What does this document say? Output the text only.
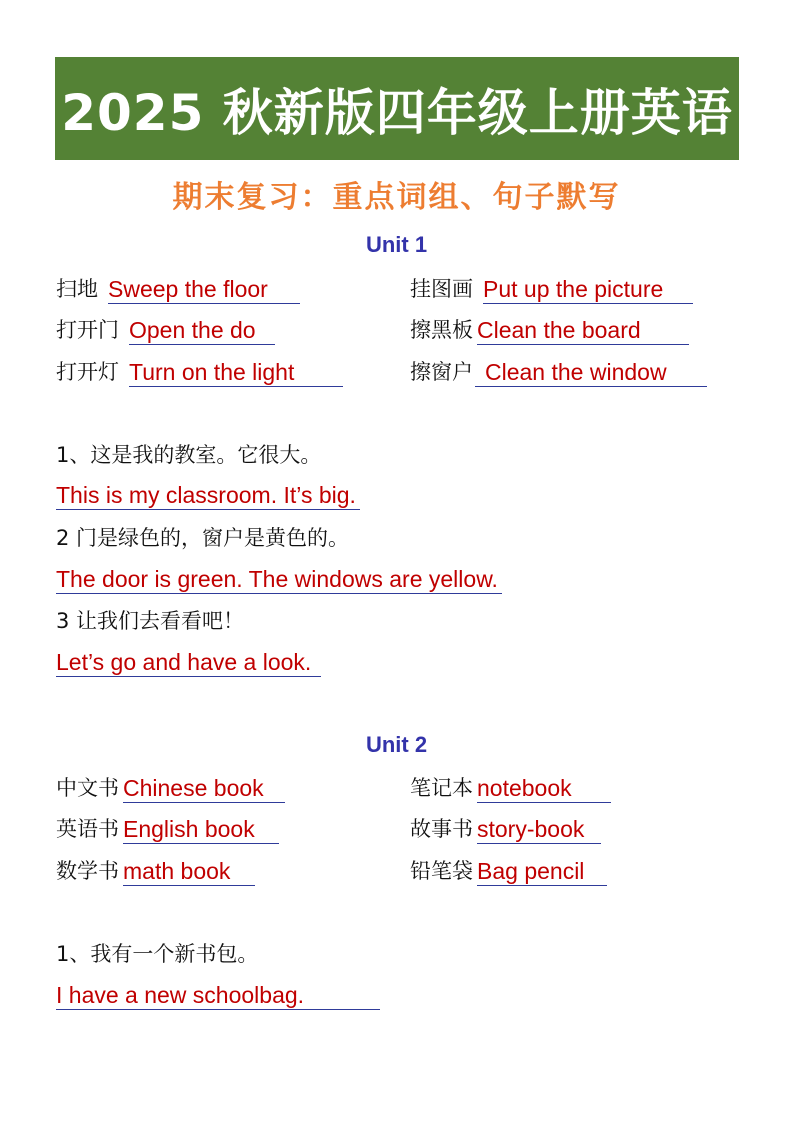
2025 秋新版四年级上册英语
期末复习：重点词组、句子默写
Unit 1
扫地 Sweep the floor	挂图画 Put up the picture
打开门 Open the do	擦黑板 Clean the board
打开灯 Turn on the light	擦窗户 Clean the window
1、这是我的教室。它很大。
This is my classroom. It’s big.
2 门是绿色的，窗户是黄色的。
The door is green. The windows are yellow.
3 让我们去看看吧！
Let’s go and have a look.
Unit 2
中文书 Chinese book	笔记本 notebook
英语书 English book	故事书 story-book
数学书 math book	铅笔袋 Bag pencil
1、我有一个新书包。
I have a new schoolbag.
